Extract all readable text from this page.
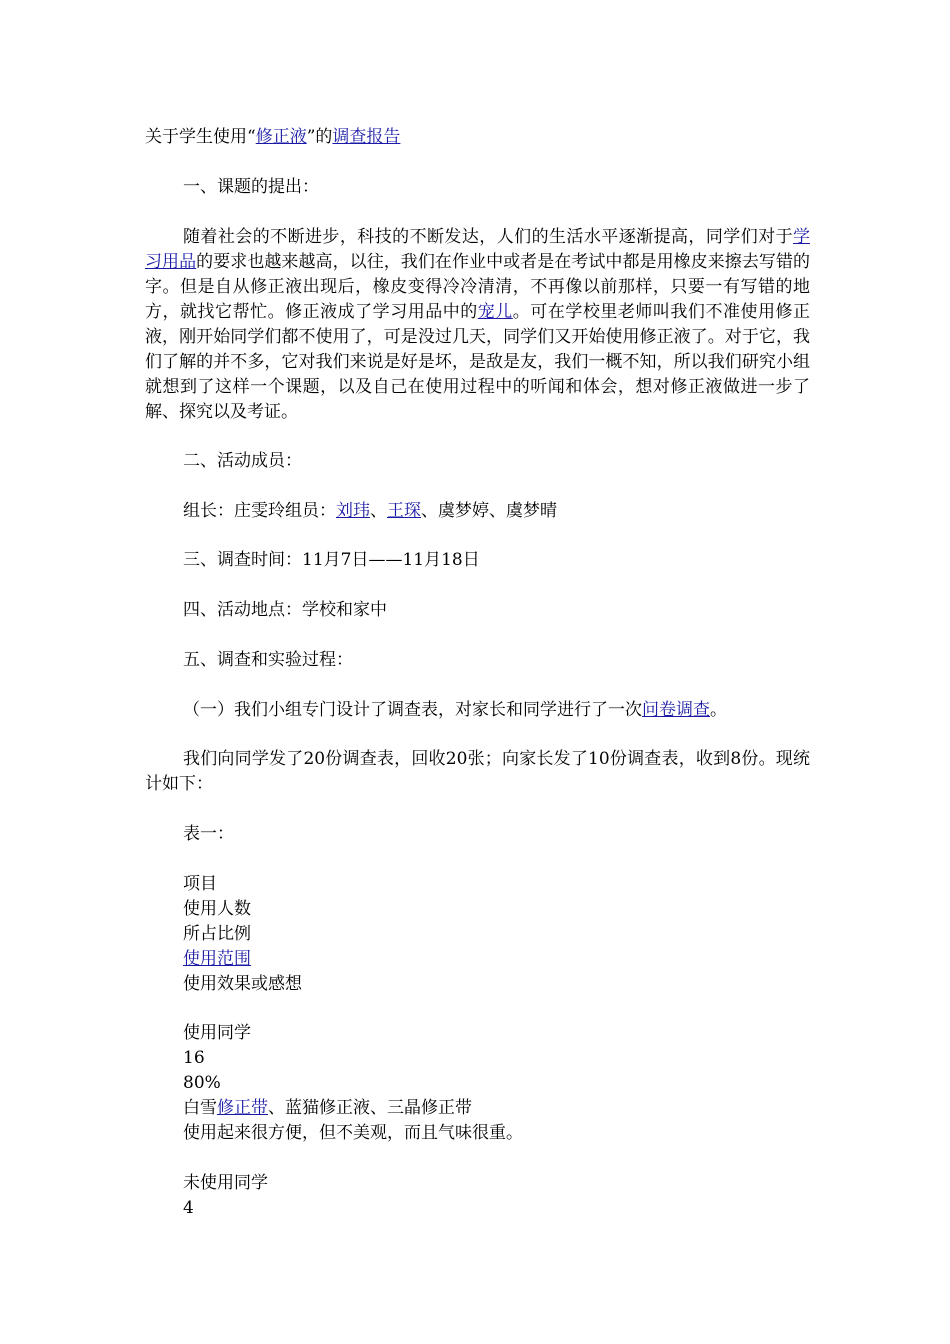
关于学生使用“修正液”的调查报告
一、课题的提出：
随着社会的不断进步，科技的不断发达，人们的生活水平逐渐提高，同学们对于学习用品的要求也越来越高，以往，我们在作业中或者是在考试中都是用橡皮来擦去写错的字。但是自从修正液出现后，橡皮变得冷冷清清，不再像以前那样，只要一有写错的地方，就找它帮忙。修正液成了学习用品中的宠儿。可在学校里老师叫我们不准使用修正液，刚开始同学们都不使用了，可是没过几天，同学们又开始使用修正液了。对于它，我们了解的并不多，它对我们来说是好是坏，是敌是友，我们一概不知，所以我们研究小组就想到了这样一个课题，以及自己在使用过程中的听闻和体会，想对修正液做进一步了解、探究以及考证。
二、活动成员：
组长：庄雯玲组员：刘玮、王琛、虞梦婷、虞梦晴
三、调查时间：11月7日——11月18日
四、活动地点：学校和家中
五、调查和实验过程：
（一）我们小组专门设计了调查表，对家长和同学进行了一次问卷调查。
我们向同学发了20份调查表，回收20张；向家长发了10份调查表，收到8份。现统计如下：
表一：
项目
使用人数
所占比例
使用范围
使用效果或感想
使用同学
16
80%
白雪修正带、蓝猫修正液、三晶修正带
使用起来很方便，但不美观，而且气味很重。
未使用同学
4
